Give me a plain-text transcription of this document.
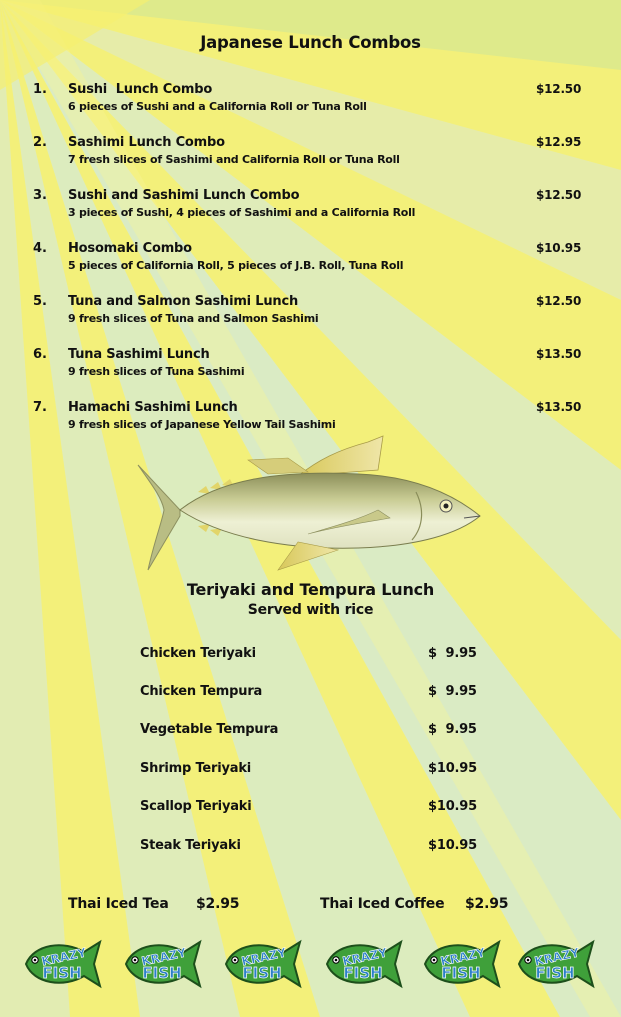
Japanese Lunch Combos
1. Sushi  Lunch Combo
6 pieces of Sushi and a California Roll or Tuna Roll
$12.50
2. Sashimi Lunch Combo
7 fresh slices of Sashimi and California Roll or Tuna Roll
$12.95
3. Sushi and Sashimi Lunch Combo
3 pieces of Sushi, 4 pieces of Sashimi and a California Roll
$12.50
4. Hosomaki Combo
5 pieces of California Roll, 5 pieces of J.B. Roll, Tuna Roll
$10.95
5. Tuna and Salmon Sashimi Lunch
9 fresh slices of Tuna and Salmon Sashimi
$12.50
6. Tuna Sashimi Lunch
9 fresh slices of Tuna Sashimi
$13.50
7. Hamachi Sashimi Lunch
9 fresh slices of Japanese Yellow Tail Sashimi
$13.50
Teriyaki and Tempura Lunch
Served with rice
Chicken Teriyaki	$  9.95
Chicken Tempura	$  9.95
Vegetable Tempura	$  9.95
Shrimp Teriyaki	$10.95
Scallop Teriyaki	$10.95
Steak Teriyaki	$10.95
Thai Iced Tea $2.95	Thai Iced Coffee $2.95
KRAZY
FISH
KRAZY
FISH
KRAZY
FISH
KRAZY
FISH
KRAZY
FISH
KRAZY
FISH
